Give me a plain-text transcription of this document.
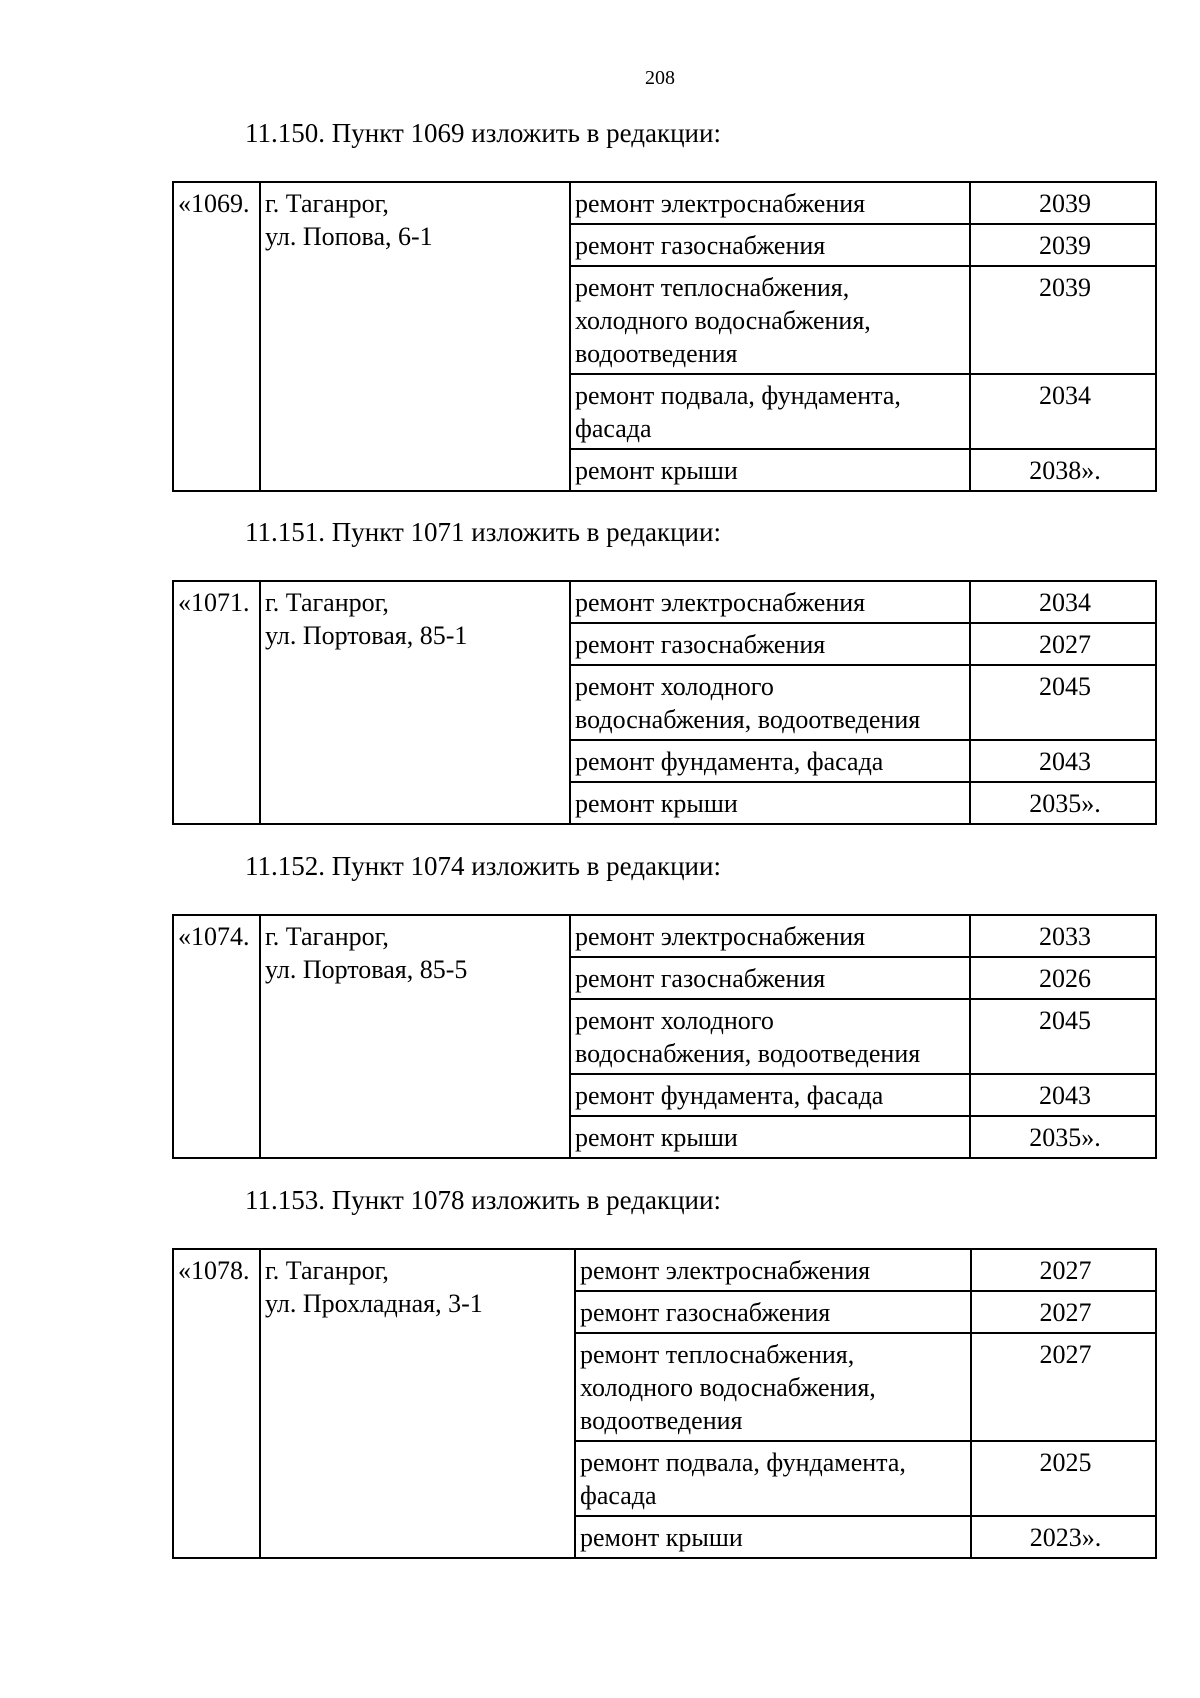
208
11.150. Пункт 1069 изложить в редакции:
«1069.	г. Таганрог,
ул. Попова, 6-1	ремонт электроснабжения	2039
		ремонт газоснабжения	2039
		ремонт теплоснабжения,
холодного водоснабжения,
водоотведения	2039
		ремонт подвала, фундамента,
фасада	2034
		ремонт крыши	2038».
11.151. Пункт 1071 изложить в редакции:
«1071.	г. Таганрог,
ул. Портовая, 85-1	ремонт электроснабжения	2034
		ремонт газоснабжения	2027
		ремонт холодного
водоснабжения, водоотведения	2045
		ремонт фундамента, фасада	2043
		ремонт крыши	2035».
11.152. Пункт 1074 изложить в редакции:
«1074.	г. Таганрог,
ул. Портовая, 85-5	ремонт электроснабжения	2033
		ремонт газоснабжения	2026
		ремонт холодного
водоснабжения, водоотведения	2045
		ремонт фундамента, фасада	2043
		ремонт крыши	2035».
11.153. Пункт 1078 изложить в редакции:
«1078.	г. Таганрог,
ул. Прохладная, 3-1	ремонт электроснабжения	2027
		ремонт газоснабжения	2027
		ремонт теплоснабжения,
холодного водоснабжения,
водоотведения	2027
		ремонт подвала, фундамента,
фасада	2025
		ремонт крыши	2023».
